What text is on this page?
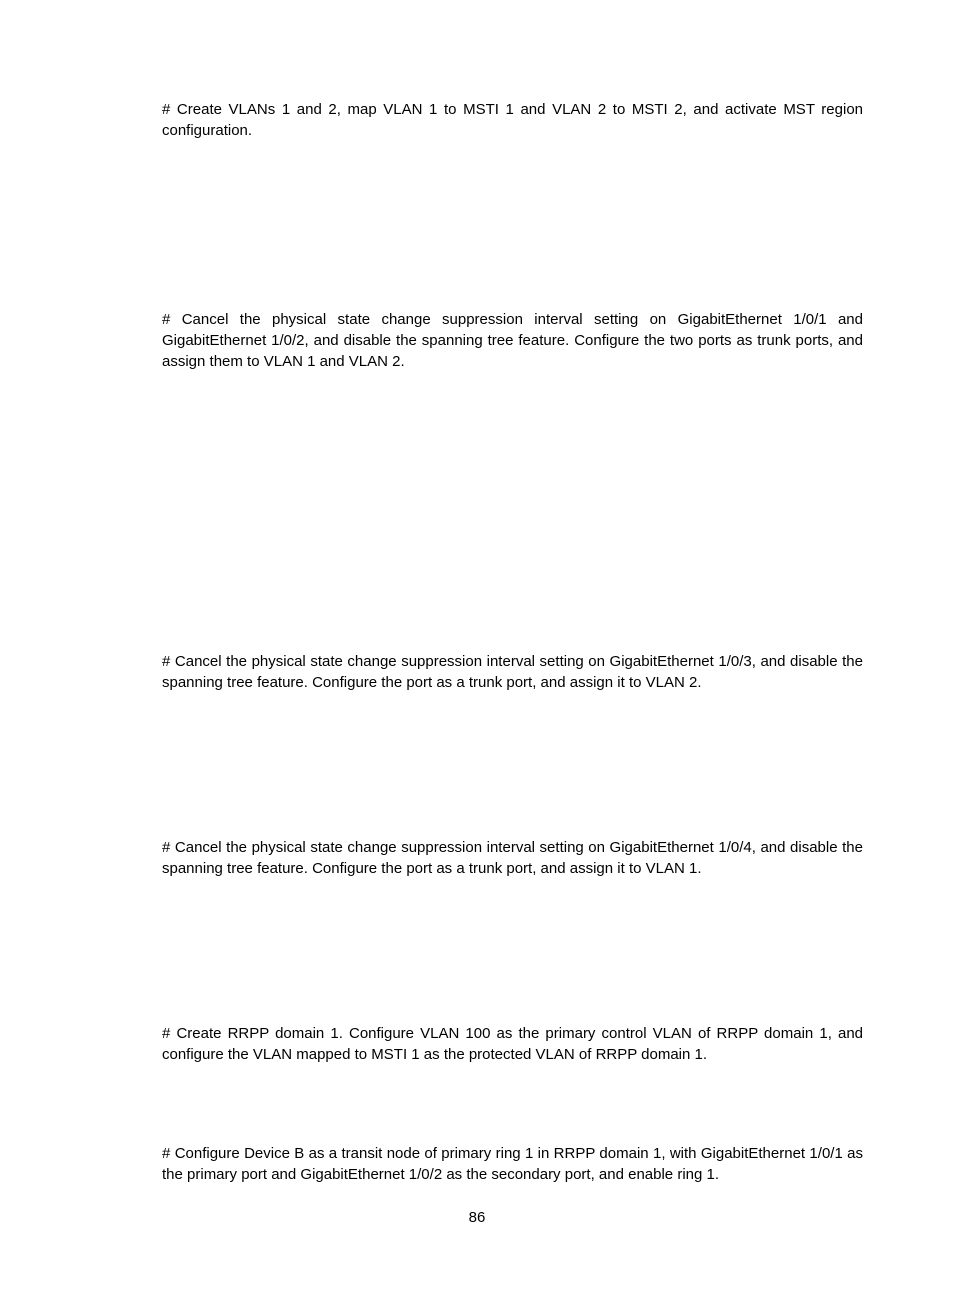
# Create VLANs 1 and 2, map VLAN 1 to MSTI 1 and VLAN 2 to MSTI 2, and activate MST region configuration.

# Cancel the physical state change suppression interval setting on GigabitEthernet 1/0/1 and GigabitEthernet 1/0/2, and disable the spanning tree feature. Configure the two ports as trunk ports, and assign them to VLAN 1 and VLAN 2.

# Cancel the physical state change suppression interval setting on GigabitEthernet 1/0/3, and disable the spanning tree feature. Configure the port as a trunk port, and assign it to VLAN 2.

# Cancel the physical state change suppression interval setting on GigabitEthernet 1/0/4, and disable the spanning tree feature. Configure the port as a trunk port, and assign it to VLAN 1.

# Create RRPP domain 1. Configure VLAN 100 as the primary control VLAN of RRPP domain 1, and configure the VLAN mapped to MSTI 1 as the protected VLAN of RRPP domain 1.

# Configure Device B as a transit node of primary ring 1 in RRPP domain 1, with GigabitEthernet 1/0/1 as the primary port and GigabitEthernet 1/0/2 as the secondary port, and enable ring 1.

86
